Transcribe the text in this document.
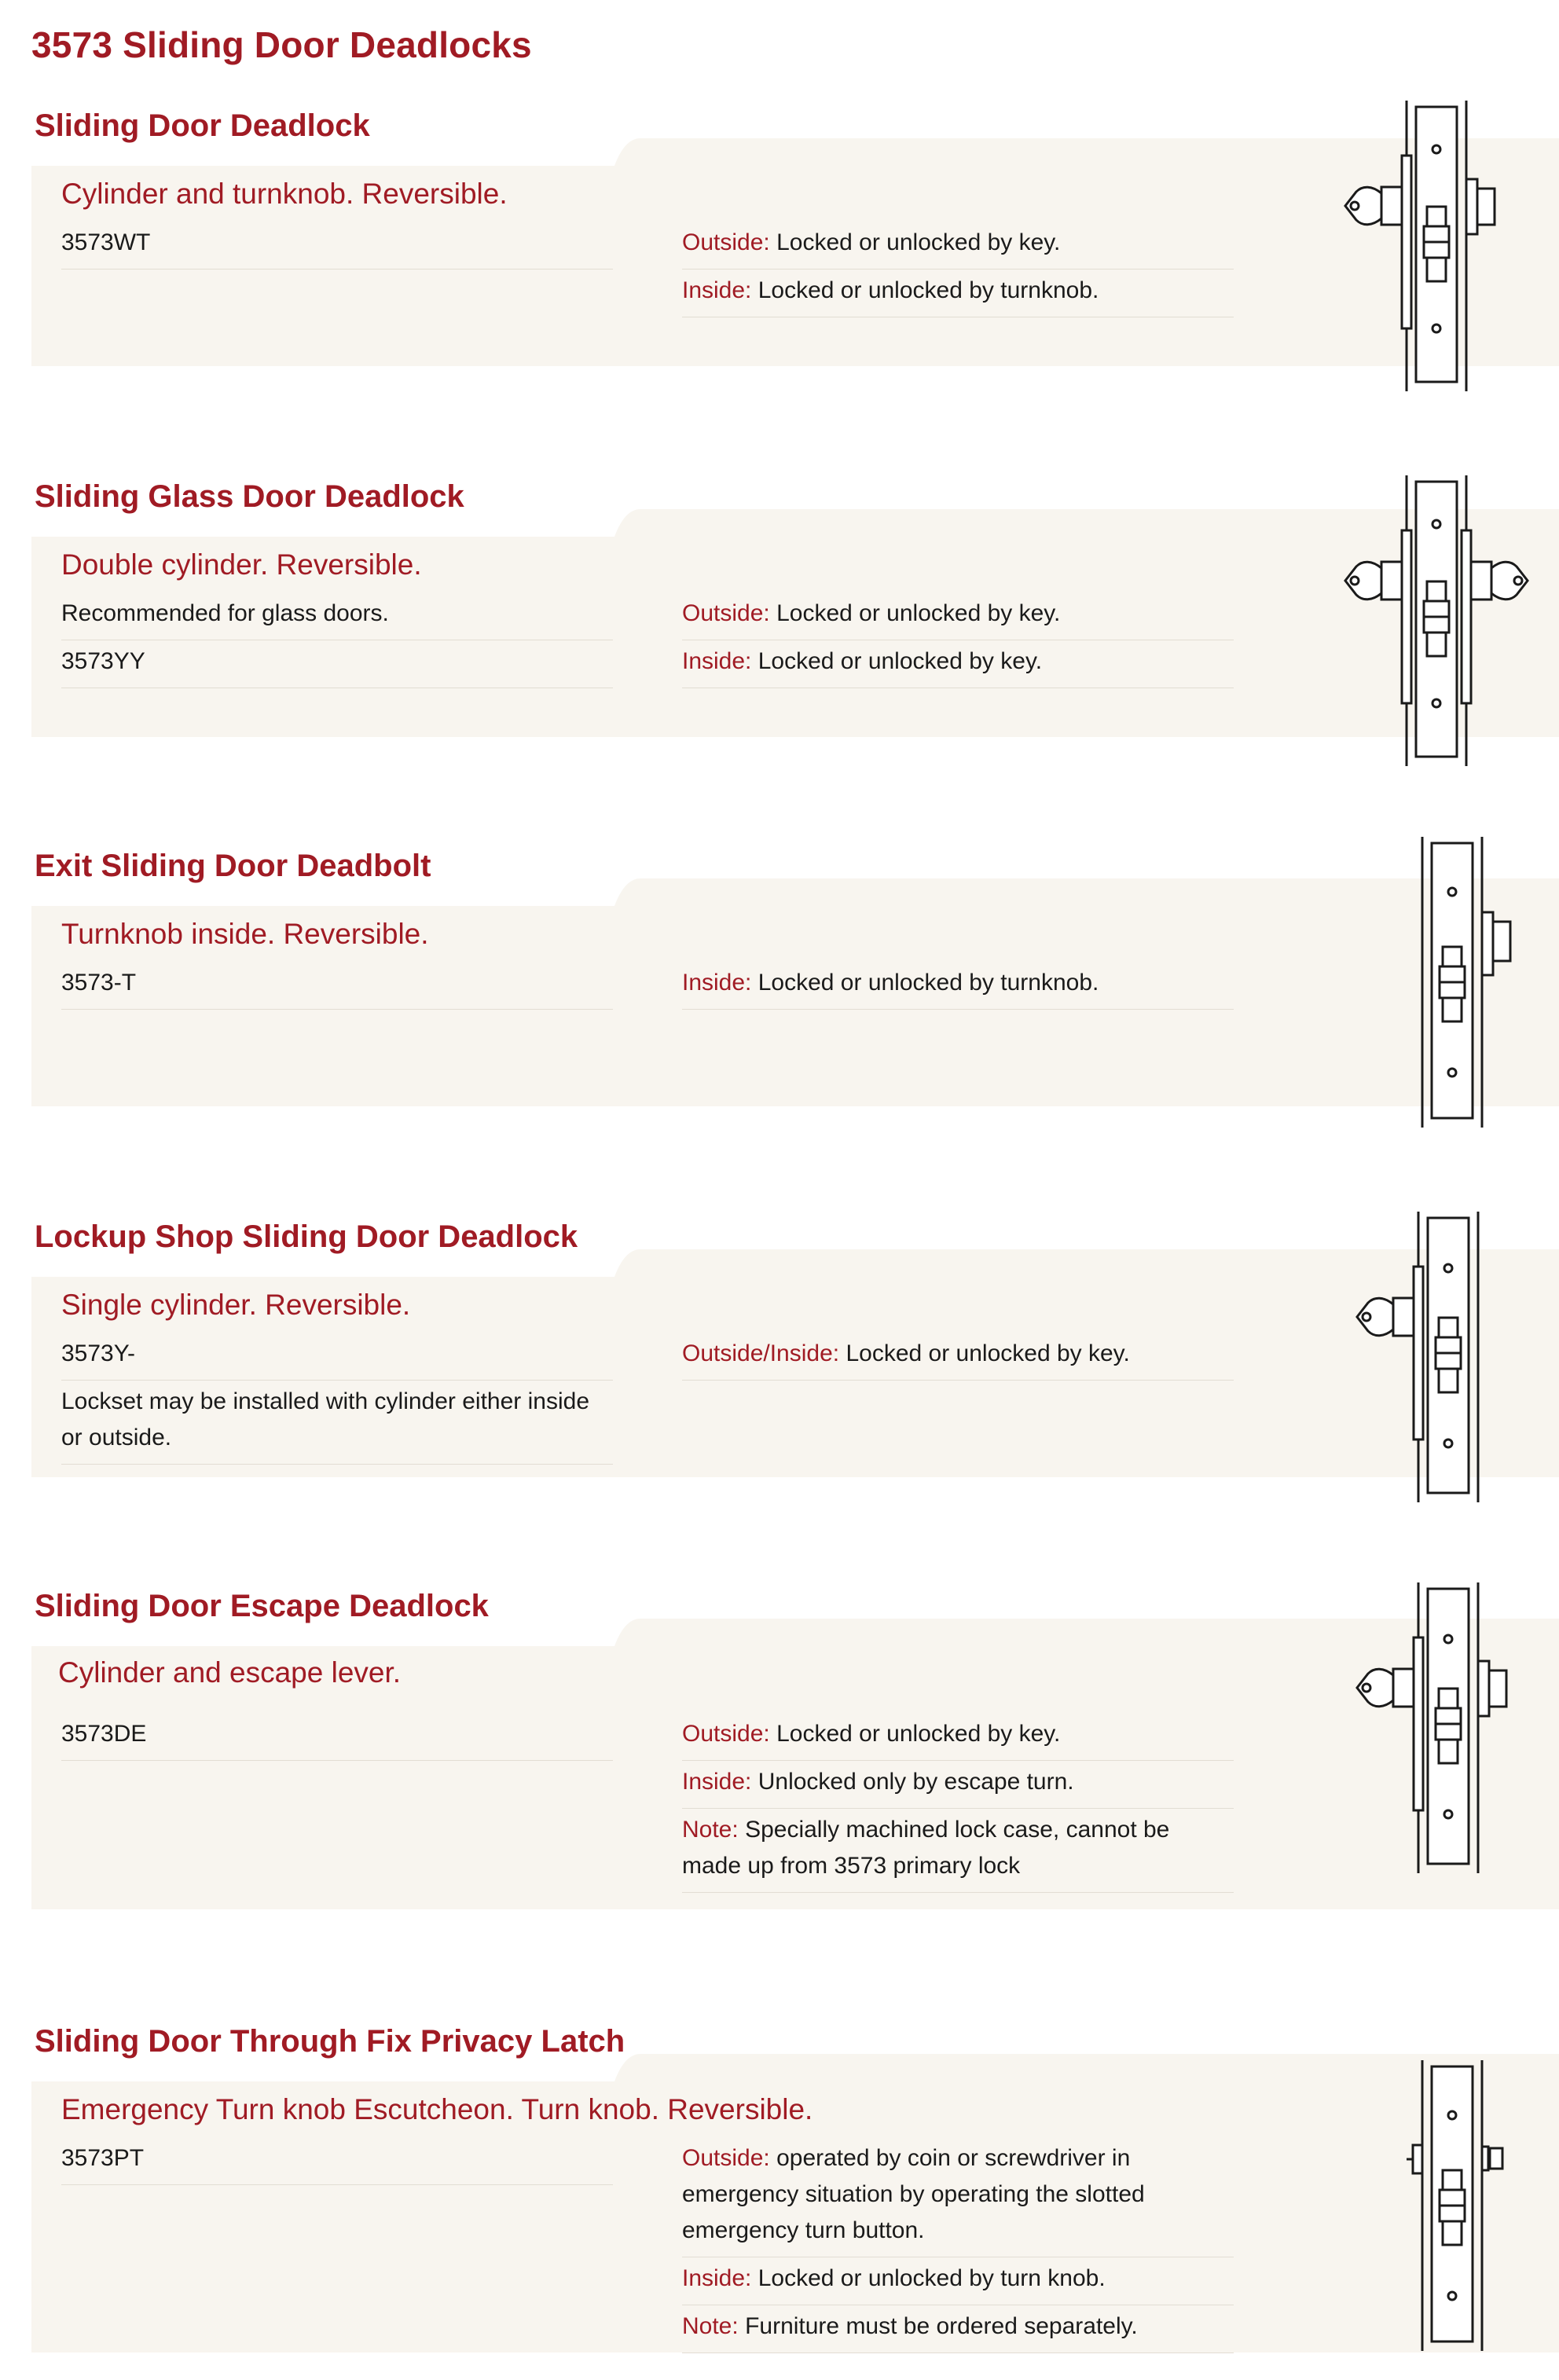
3573 Sliding Door Deadlocks
Sliding Door Deadlock
Cylinder and turnknob. Reversible.
3573WT	Outside: Locked or unlocked by key.
Inside: Locked or unlocked by turnknob.
Sliding Glass Door Deadlock
Double cylinder. Reversible.
Recommended for glass doors.
3573YY
Outside: Locked or unlocked by key.
Inside: Locked or unlocked by key.
Exit Sliding Door Deadbolt
Turnknob inside. Reversible.
3573-T	Inside: Locked or unlocked by turnknob.
Lockup Shop Sliding Door Deadlock
Single cylinder. Reversible.
3573Y-
Lockset may be installed with cylinder either inside or outside.
Outside/Inside: Locked or unlocked by key.
Sliding Door Escape Deadlock
Cylinder and escape lever.
3573DE	Outside: Locked or unlocked by key.
Inside: Unlocked only by escape turn.
Note: Specially machined lock case, cannot be made up from 3573 primary lock
Sliding Door Through Fix Privacy Latch
Emergency Turn knob Escutcheon. Turn knob. Reversible.
3573PT	Outside: operated by coin or screwdriver in emergency situation by operating the slotted emergency turn button.
Inside: Locked or unlocked by turn knob.
Note: Furniture must be ordered separately.
